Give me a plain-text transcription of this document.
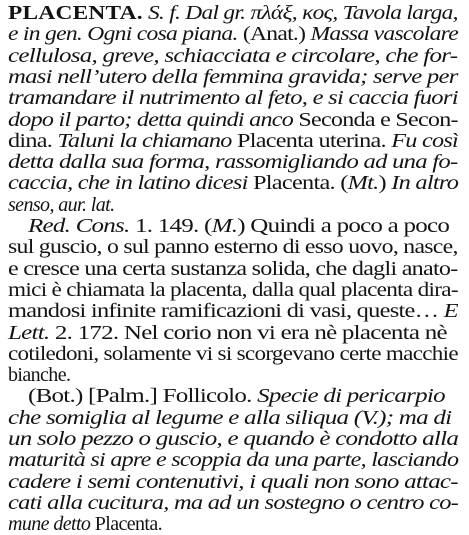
PLACENTA. S. f. Dal gr. πλάξ, κος, Tavola larga,
e in gen. Ogni cosa piana. (Anat.) Massa vascolare
cellulosa, greve, schiacciata e circolare, che for-
masi nell’utero della femmina gravida; serve per
tramandare il nutrimento al feto, e si caccia fuori
dopo il parto; detta quindi anco Seconda e Secon-
dina. Taluni la chiamano Placenta uterina. Fu così
detta dalla sua forma, rassomigliando ad una fo-
caccia, che in latino dicesi Placenta. (Mt.) In altro
senso, aur. lat.
Red. Cons. 1. 149. (M.) Quindi a poco a poco
sul guscio, o sul panno esterno di esso uovo, nasce,
e cresce una certa sustanza solida, che dagli anato-
mici è chiamata la placenta, dalla qual placenta dira-
mandosi infinite ramificazioni di vasi, queste… E
Lett. 2. 172. Nel corio non vi era nè placenta nè
cotiledoni, solamente vi si scorgevano certe macchie
bianche.
(Bot.) [Palm.] Follicolo. Specie di pericarpio
che somiglia al legume e alla siliqua (V.); ma di
un solo pezzo o guscio, e quando è condotto alla
maturità si apre e scoppia da una parte, lasciando
cadere i semi contenutivi, i quali non sono attac-
cati alla cucitura, ma ad un sostegno o centro co-
mune detto Placenta.
